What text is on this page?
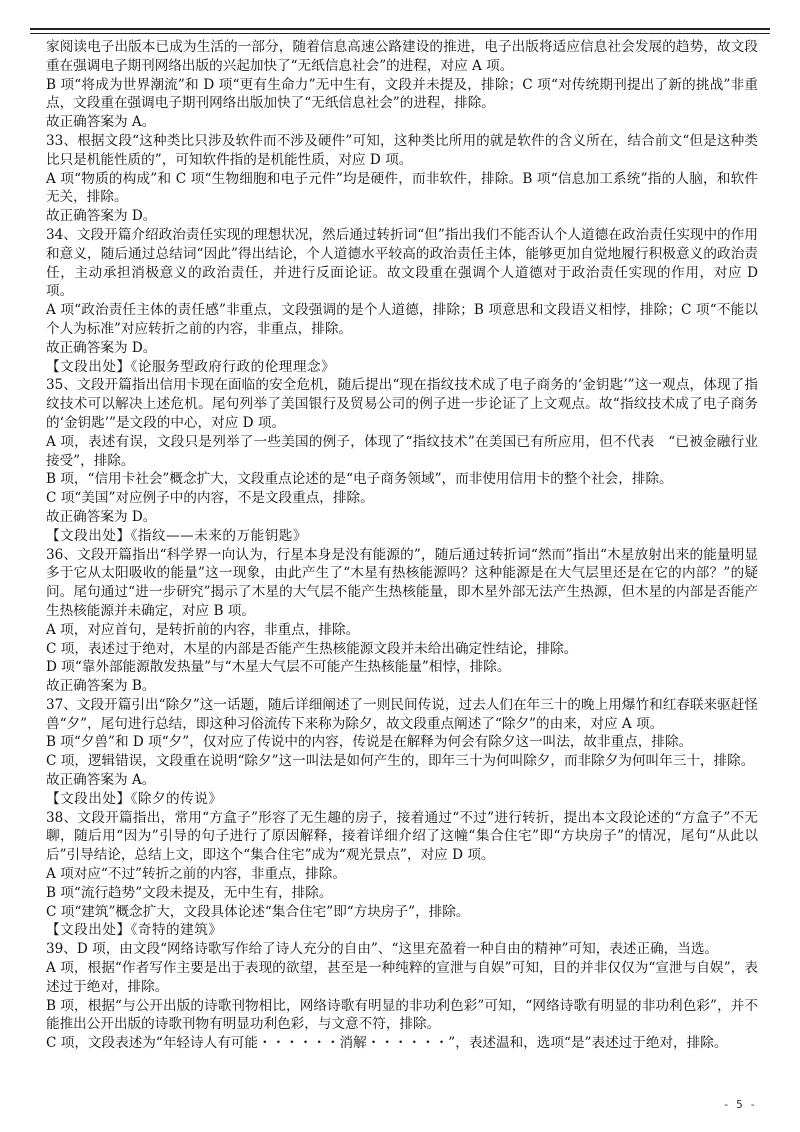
家阅读电子出版本已成为生活的一部分，随着信息高速公路建设的推进，电子出版将适应信息社会发展的趋势，故文段重在强调电子期刊网络出版的兴起加快了“无纸信息社会”的进程，对应 A 项。

B 项“将成为世界潮流”和 D 项“更有生命力”无中生有，文段并未提及，排除；C 项“对传统期刊提出了新的挑战”非重点，文段重在强调电子期刊网络出版加快了“无纸信息社会”的进程，排除。

故正确答案为 A。

33、根据文段“这种类比只涉及软件而不涉及硬件”可知，这种类比所用的就是软件的含义所在，结合前文“但是这种类比只是机能性质的”，可知软件指的是机能性质，对应 D 项。

A 项“物质的构成”和 C 项“生物细胞和电子元件”均是硬件，而非软件，排除。B 项“信息加工系统”指的人脑，和软件无关，排除。

故正确答案为 D。

34、文段开篇介绍政治责任实现的理想状况，然后通过转折词“但”指出我们不能否认个人道德在政治责任实现中的作用和意义，随后通过总结词“因此”得出结论，个人道德水平较高的政治责任主体，能够更加自觉地履行积极意义的政治责任，主动承担消极意义的政治责任，并进行反面论证。故文段重在强调个人道德对于政治责任实现的作用，对应 D 项。

A 项“政治责任主体的责任感”非重点，文段强调的是个人道德，排除；B 项意思和文段语义相悖，排除；C 项“不能以个人为标准”对应转折之前的内容，非重点，排除。

故正确答案为 D。

【文段出处】《论服务型政府行政的伦理理念》

35、文段开篇指出信用卡现在面临的安全危机，随后提出“现在指纹技术成了电子商务的‘金钥匙’”这一观点，体现了指纹技术可以解决上述危机。尾句列举了美国银行及贸易公司的例子进一步论证了上文观点。故“指纹技术成了电子商务的‘金钥匙’”是文段的中心，对应 D 项。

A 项，表述有误，文段只是列举了一些美国的例子，体现了“指纹技术”在美国已有所应用，但不代表　“已被金融行业接受”，排除。

B 项，“信用卡社会”概念扩大，文段重点论述的是“电子商务领域”，而非使用信用卡的整个社会，排除。

C 项“美国”对应例子中的内容，不是文段重点，排除。

故正确答案为 D。

【文段出处】《指纹——未来的万能钥匙》

36、文段开篇指出“科学界一向认为，行星本身是没有能源的”，随后通过转折词“然而”指出“木星放射出来的能量明显多于它从太阳吸收的能量”这一现象，由此产生了“木星有热核能源吗？这种能源是在大气层里还是在它的内部？”的疑问。尾句通过“进一步研究”揭示了木星的大气层不能产生热核能量，即木星外部无法产生热源，但木星的内部是否能产生热核能源并未确定，对应 B 项。

A 项，对应首句，是转折前的内容，非重点，排除。

C 项，表述过于绝对，木星的内部是否能产生热核能源文段并未给出确定性结论，排除。

D 项“靠外部能源散发热量”与“木星大气层不可能产生热核能量”相悖，排除。

故正确答案为 B。

37、文段开篇引出“除夕”这一话题，随后详细阐述了一则民间传说，过去人们在年三十的晚上用爆竹和红春联来驱赶怪兽“夕”，尾句进行总结，即这种习俗流传下来称为除夕，故文段重点阐述了“除夕”的由来，对应 A 项。

B 项“夕兽”和 D 项“夕”，仅对应了传说中的内容，传说是在解释为何会有除夕这一叫法，故非重点，排除。

C 项，逻辑错误，文段重在说明“除夕”这一叫法是如何产生的，即年三十为何叫除夕，而非除夕为何叫年三十，排除。

故正确答案为 A。

【文段出处】《除夕的传说》

38、文段开篇指出，常用“方盒子”形容了无生趣的房子，接着通过“不过”进行转折，提出本文段论述的“方盒子”不无聊，随后用“因为”引导的句子进行了原因解释，接着详细介绍了这幢“集合住宅”即“方块房子”的情况，尾句“从此以后”引导结论，总结上文，即这个“集合住宅”成为“观光景点”，对应 D 项。

A 项对应“不过”转折之前的内容，非重点，排除。

B 项“流行趋势”文段未提及，无中生有，排除。

C 项“建筑”概念扩大，文段具体论述“集合住宅”即“方块房子”，排除。

【文段出处】《奇特的建筑》

39、D 项，由文段“网络诗歌写作给了诗人充分的自由”、“这里充盈着一种自由的精神”可知，表述正确，当选。

A 项，根据“作者写作主要是出于表现的欲望，甚至是一种纯粹的宣泄与自娱”可知，目的并非仅仅为“宣泄与自娱”，表述过于绝对，排除。

B 项，根据“与公开出版的诗歌刊物相比，网络诗歌有明显的非功利色彩”可知，“网络诗歌有明显的非功利色彩”，并不能推出公开出版的诗歌刊物有明显功利色彩，与文意不符，排除。

C 项，文段表述为“年轻诗人有可能・・・・・・消解・・・・・・”，表述温和，选项“是”表述过于绝对，排除。

- 5 -
